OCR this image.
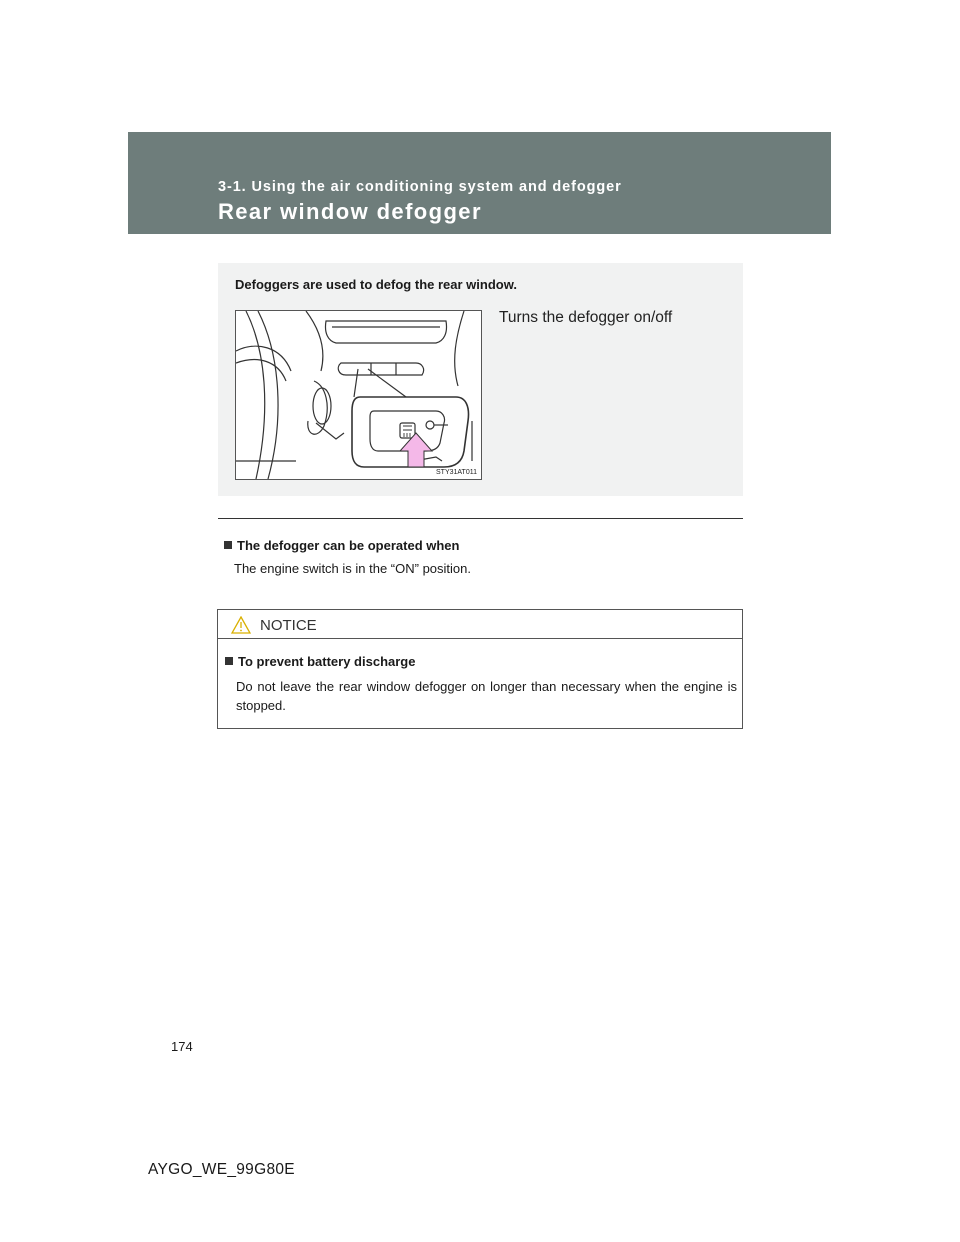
3-1. Using the air conditioning system and defogger
Rear window defogger
Defoggers are used to defog the rear window.
STY31AT011
Turns the defogger on/off

The defogger can be operated when

The engine switch is in the “ON” position.

NOTICE

To prevent battery discharge

Do not leave the rear window defogger on longer than necessary when the engine is stopped.

174
AYGO_WE_99G80E
